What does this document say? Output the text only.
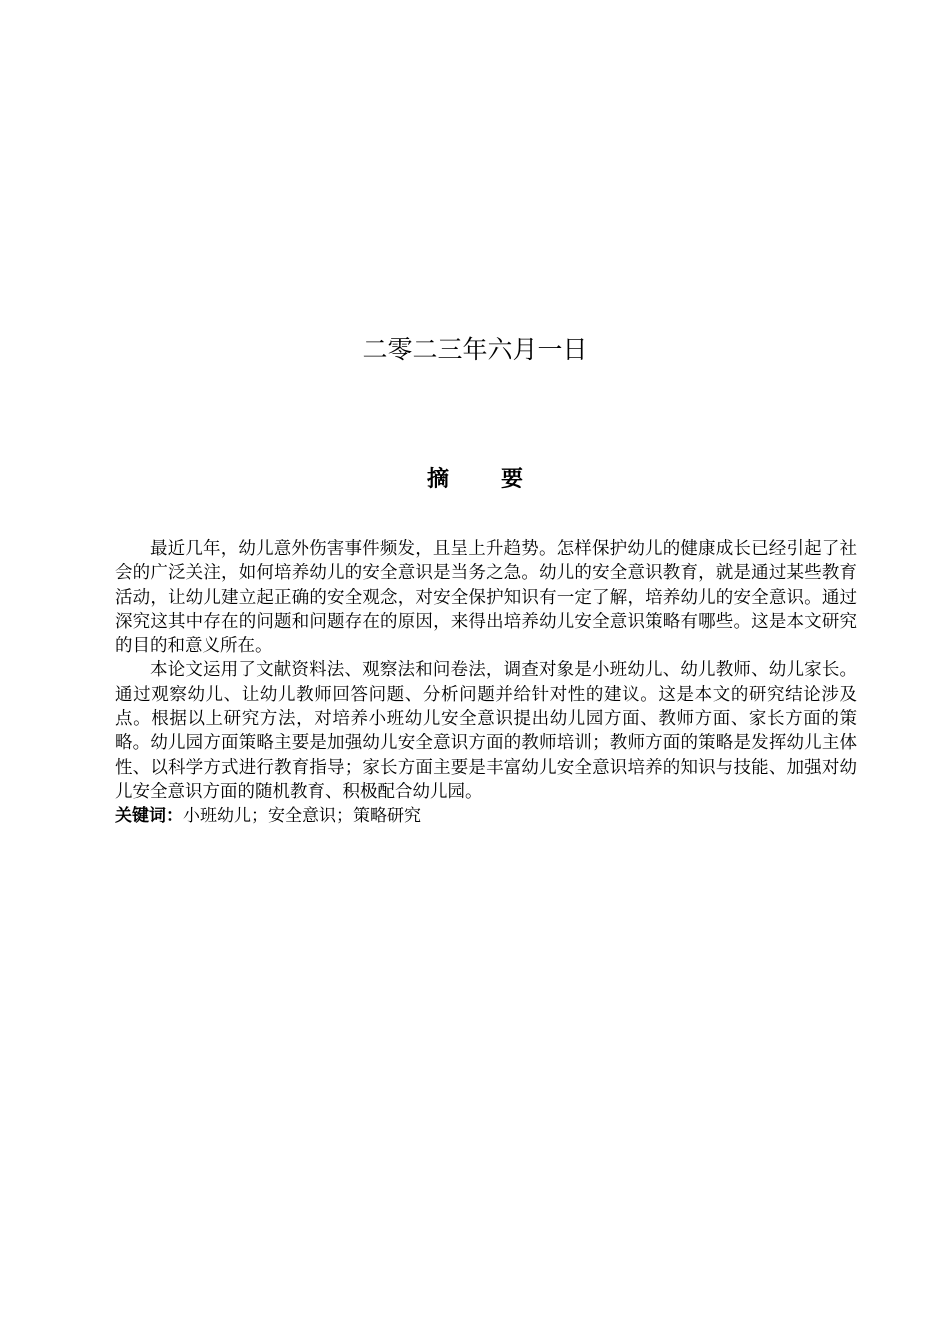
二零二三年六月一日
摘要

最近几年，幼儿意外伤害事件频发，且呈上升趋势。怎样保护幼儿的健康成长已经引起了社会的广泛关注，如何培养幼儿的安全意识是当务之急。幼儿的安全意识教育，就是通过某些教育活动，让幼儿建立起正确的安全观念，对安全保护知识有一定了解，培养幼儿的安全意识。通过深究这其中存在的问题和问题存在的原因，来得出培养幼儿安全意识策略有哪些。这是本文研究的目的和意义所在。

本论文运用了文献资料法、观察法和问卷法，调查对象是小班幼儿、幼儿教师、幼儿家长。通过观察幼儿、让幼儿教师回答问题、分析问题并给针对性的建议。这是本文的研究结论涉及点。根据以上研究方法，对培养小班幼儿安全意识提出幼儿园方面、教师方面、家长方面的策略。幼儿园方面策略主要是加强幼儿安全意识方面的教师培训；教师方面的策略是发挥幼儿主体性、以科学方式进行教育指导；家长方面主要是丰富幼儿安全意识培养的知识与技能、加强对幼儿安全意识方面的随机教育、积极配合幼儿园。

关键词：小班幼儿；安全意识；策略研究
